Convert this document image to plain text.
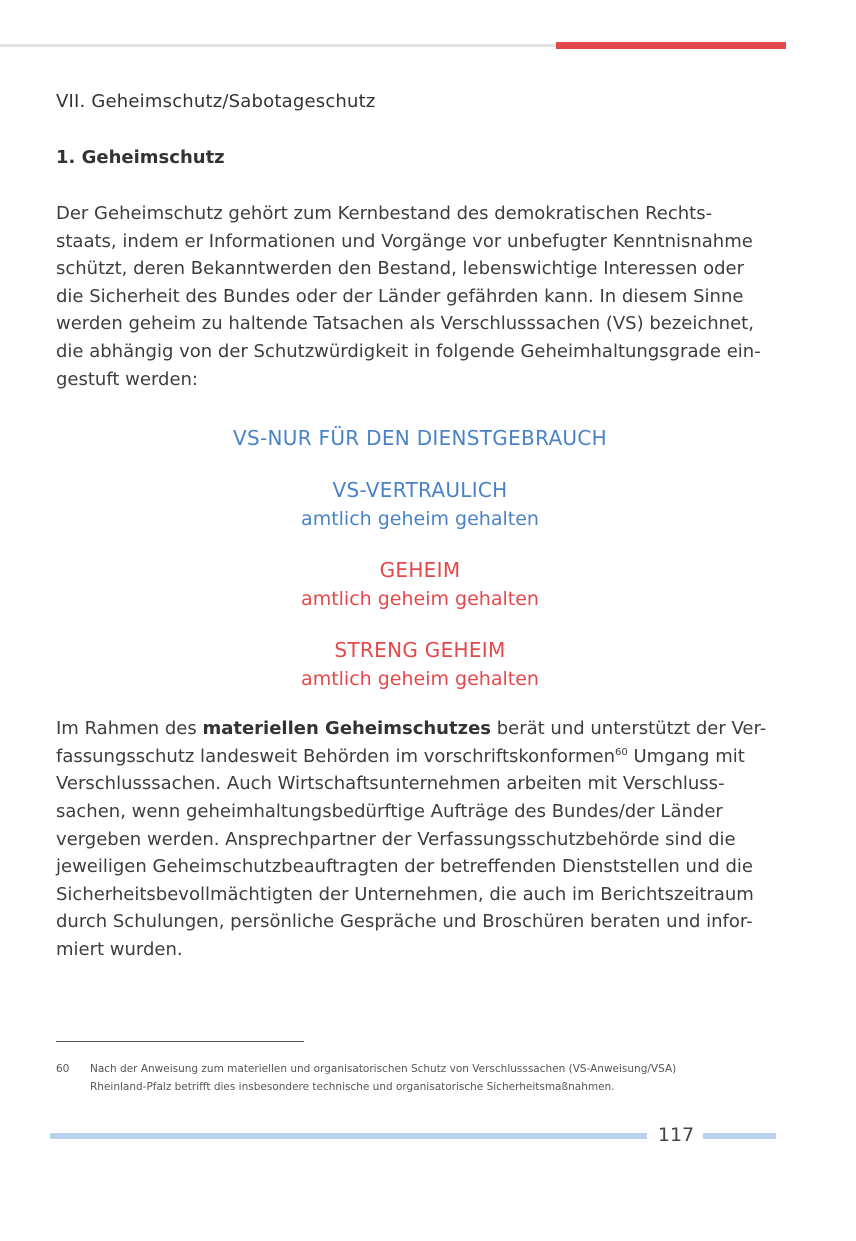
VII. Geheimschutz/Sabotageschutz
1. Geheimschutz
Der Geheimschutz gehört zum Kernbestand des demokratischen Rechts-
staats, indem er Informationen und Vorgänge vor unbefugter Kenntnisnahme
schützt, deren Bekanntwerden den Bestand, lebenswichtige Interessen oder
die Sicherheit des Bundes oder der Länder gefährden kann. In diesem Sinne
werden geheim zu haltende Tatsachen als Verschlusssachen (VS) bezeichnet,
die abhängig von der Schutzwürdigkeit in folgende Geheimhaltungsgrade ein-
gestuft werden:
VS-NUR FÜR DEN DIENSTGEBRAUCH
VS-VERTRAULICH
amtlich geheim gehalten
GEHEIM
amtlich geheim gehalten
STRENG GEHEIM
amtlich geheim gehalten
Im Rahmen des materiellen Geheimschutzes berät und unterstützt der Ver-
fassungsschutz landesweit Behörden im vorschriftskonformen$^{60}$ Umgang mit
Verschlusssachen. Auch Wirtschaftsunternehmen arbeiten mit Verschluss-
sachen, wenn geheimhaltungsbedürftige Aufträge des Bundes/der Länder
vergeben werden. Ansprechpartner der Verfassungsschutzbehörde sind die
jeweiligen Geheimschutzbeauftragten der betreffenden Dienststellen und die
Sicherheitsbevollmächtigten der Unternehmen, die auch im Berichtszeitraum
durch Schulungen, persönliche Gespräche und Broschüren beraten und infor-
miert wurden.
60 Nach der Anweisung zum materiellen und organisatorischen Schutz von Verschlusssachen (VS-Anweisung/VSA)
Rheinland-Pfalz betrifft dies insbesondere technische und organisatorische Sicherheitsmaßnahmen.
117
